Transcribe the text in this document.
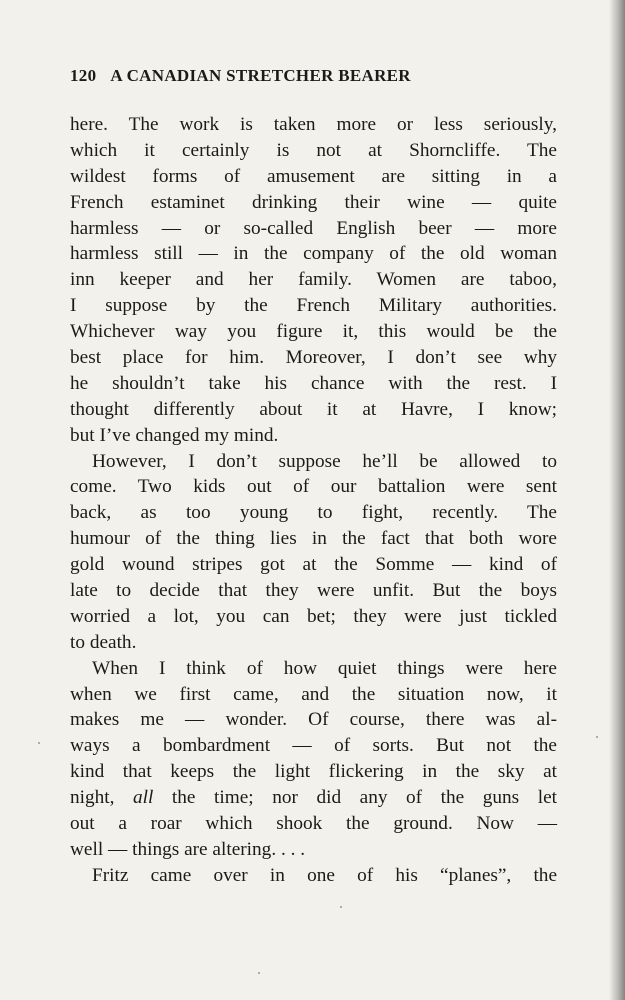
120 A CANADIAN STRETCHER BEARER
here. The work is taken more or less seriously,
which it certainly is not at Shorncliffe. The
wildest forms of amusement are sitting in a
French estaminet drinking their wine — quite
harmless — or so-called English beer — more
harmless still — in the company of the old woman
inn keeper and her family. Women are taboo,
I suppose by the French Military authorities.
Whichever way you figure it, this would be the
best place for him. Moreover, I don’t see why
he shouldn’t take his chance with the rest. I
thought differently about it at Havre, I know;
but I’ve changed my mind.
However, I don’t suppose he’ll be allowed to
come. Two kids out of our battalion were sent
back, as too young to fight, recently. The
humour of the thing lies in the fact that both wore
gold wound stripes got at the Somme — kind of
late to decide that they were unfit. But the boys
worried a lot, you can bet; they were just tickled
to death.
When I think of how quiet things were here
when we first came, and the situation now, it
makes me — wonder. Of course, there was al-
ways a bombardment — of sorts. But not the
kind that keeps the light flickering in the sky at
night, all the time; nor did any of the guns let
out a roar which shook the ground. Now —
well — things are altering. . . .
Fritz came over in one of his “planes”, the
